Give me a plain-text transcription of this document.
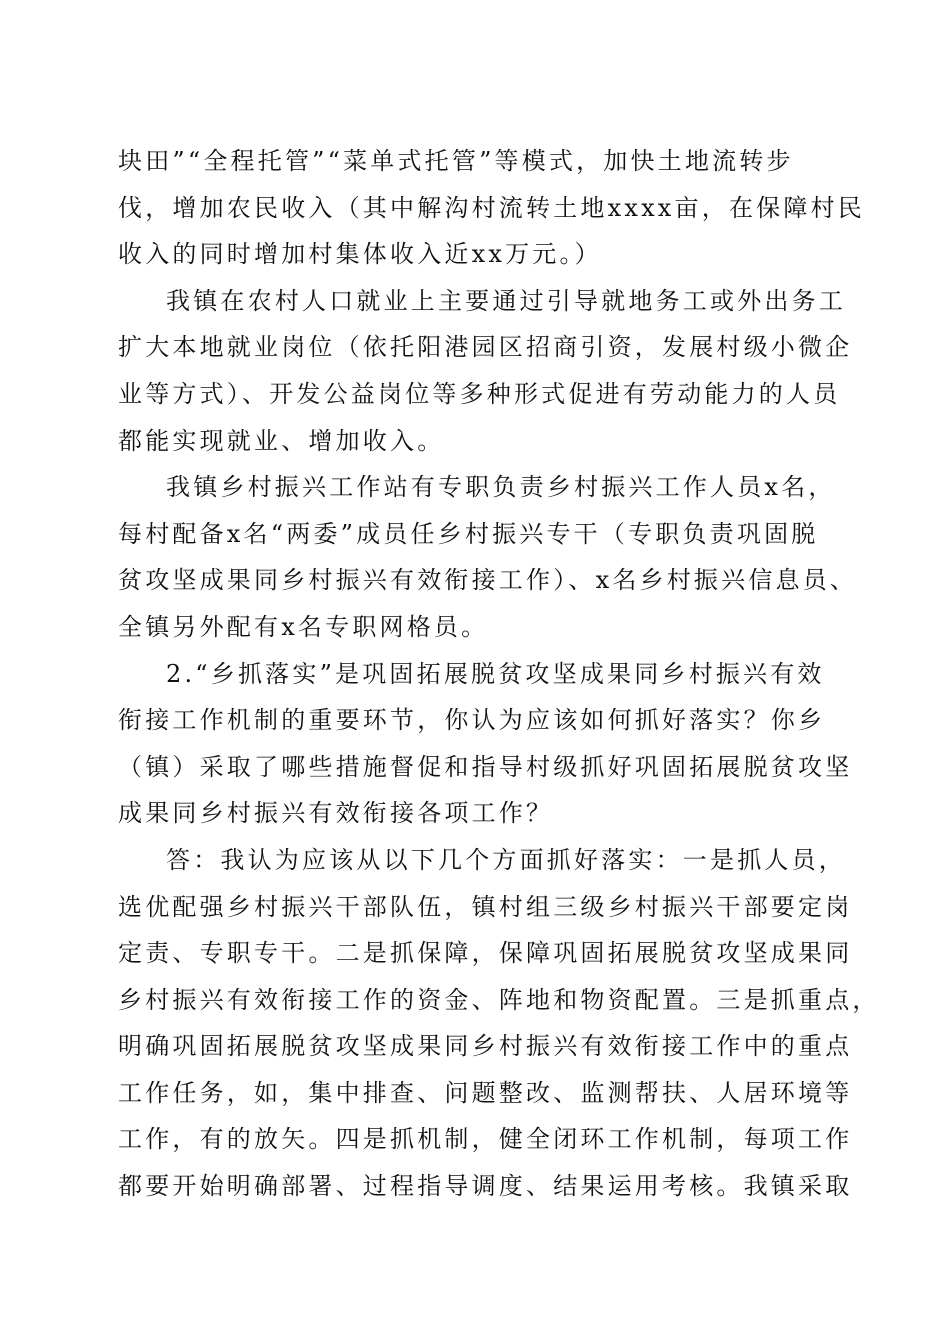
块田”“全程托管”“菜单式托管”等模式，加快土地流转步
伐，增加农民收入（其中解沟村流转土地xxxx亩，在保障村民
收入的同时增加村集体收入近xx万元。）
我镇在农村人口就业上主要通过引导就地务工或外出务工
扩大本地就业岗位（依托阳港园区招商引资，发展村级小微企
业等方式）、开发公益岗位等多种形式促进有劳动能力的人员
都能实现就业、增加收入。
我镇乡村振兴工作站有专职负责乡村振兴工作人员x名，
每村配备x名“两委”成员任乡村振兴专干（专职负责巩固脱
贫攻坚成果同乡村振兴有效衔接工作）、x名乡村振兴信息员、
全镇另外配有x名专职网格员。
2.“乡抓落实”是巩固拓展脱贫攻坚成果同乡村振兴有效
衔接工作机制的重要环节，你认为应该如何抓好落实？你乡
（镇）采取了哪些措施督促和指导村级抓好巩固拓展脱贫攻坚
成果同乡村振兴有效衔接各项工作？
答：我认为应该从以下几个方面抓好落实：一是抓人员，
选优配强乡村振兴干部队伍，镇村组三级乡村振兴干部要定岗
定责、专职专干。二是抓保障，保障巩固拓展脱贫攻坚成果同
乡村振兴有效衔接工作的资金、阵地和物资配置。三是抓重点，
明确巩固拓展脱贫攻坚成果同乡村振兴有效衔接工作中的重点
工作任务，如，集中排查、问题整改、监测帮扶、人居环境等
工作，有的放矢。四是抓机制，健全闭环工作机制，每项工作
都要开始明确部署、过程指导调度、结果运用考核。我镇采取
